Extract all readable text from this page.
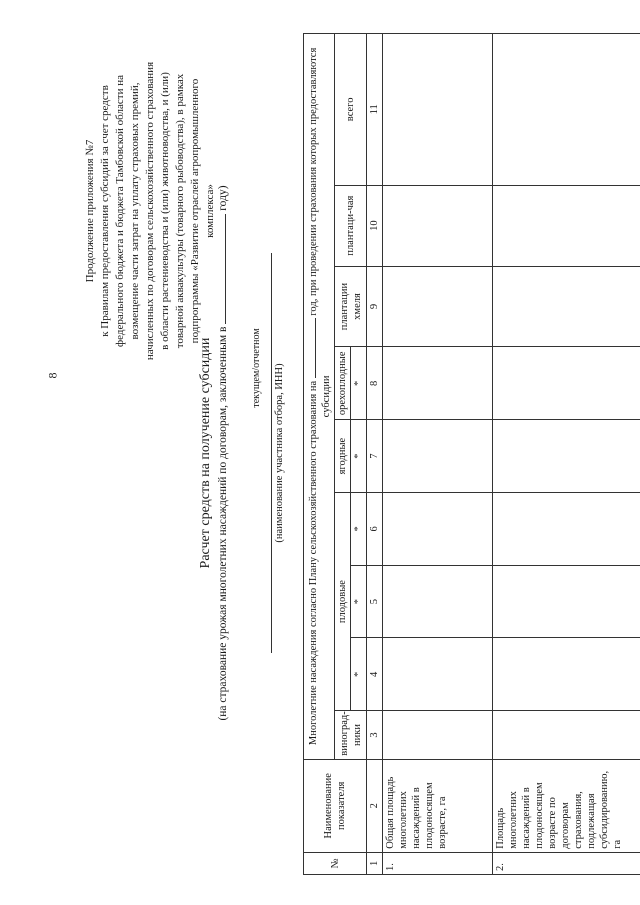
8
Продолжение приложения №7 к Правилам предоставления субсидий за счет средств федерального бюджета и бюджета Тамбовской области на возмещение части затрат на уплату страховых премий, начисленных по договорам сельскохозяйственного страхования в области растениеводства и (или) животноводства, и (или) товарной аквакультуры (товарного рыбоводства), в рамках подпрограммы «Развитие отраслей агропромышленного комплекса»
Расчет средств на получение субсидии (на страхование урожая многолетних насаждений по договорам, заключенным в  году)
текущем/отчетном (наименование участника отбора, ИНН)
№	Наименование показателя	Многолетние насаждения согласно Плану сельскохозяйственного страхования на  год, при проведении страхования которых предоставляются субсидии								
		виноград-ники	плодовые			ягодные	орехоплодные	плантации хмеля	плантаци-чая	всего
			*	*	*	*	*			
1	2	3	4	5	6	7	8	9	10	11
1.	Общая площадь многолетних насаждений в плодоносящем возрасте, га									
2.	Площадь многолетних насаждений в плодоносящем возрасте по договорам страхования, подлежащая субсидированию, га									
